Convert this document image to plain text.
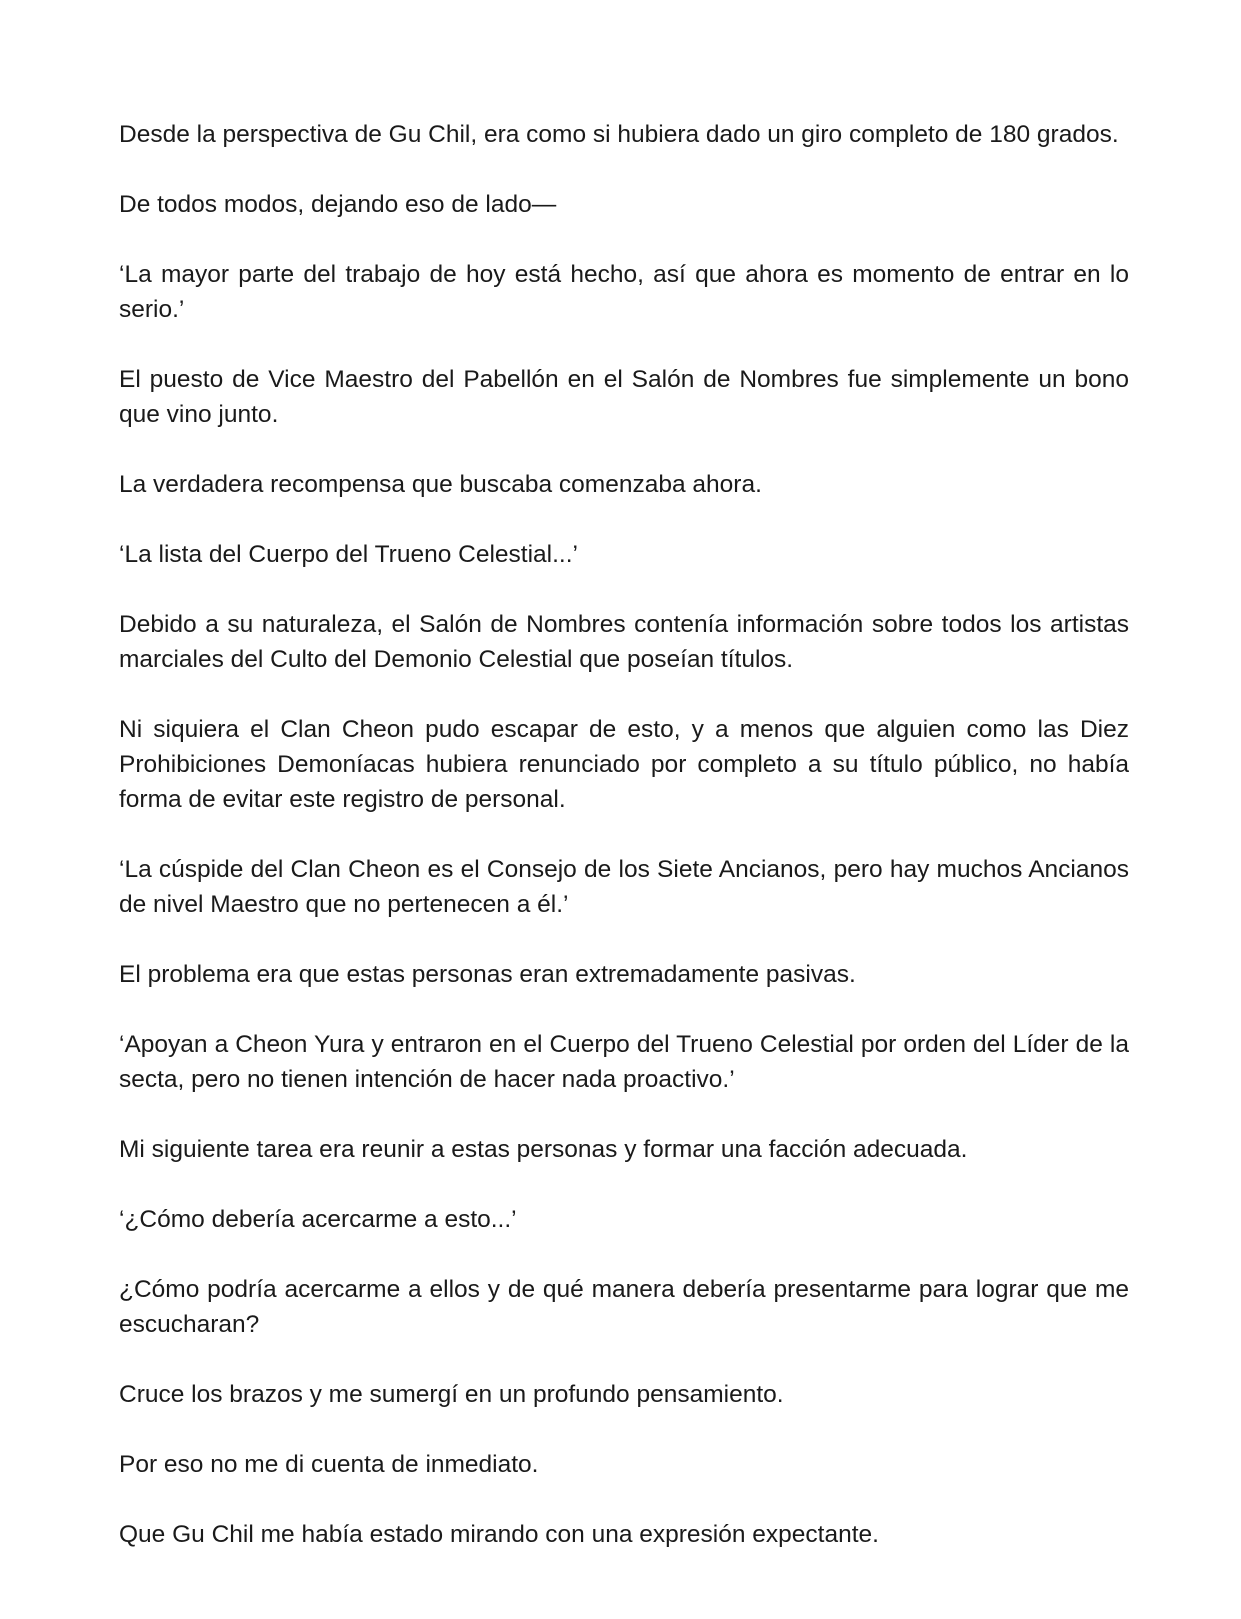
Desde la perspectiva de Gu Chil, era como si hubiera dado un giro completo de 180 grados.

De todos modos, dejando eso de lado—

‘La mayor parte del trabajo de hoy está hecho, así que ahora es momento de entrar en lo serio.’

El puesto de Vice Maestro del Pabellón en el Salón de Nombres fue simplemente un bono que vino junto.

La verdadera recompensa que buscaba comenzaba ahora.

‘La lista del Cuerpo del Trueno Celestial...’

Debido a su naturaleza, el Salón de Nombres contenía información sobre todos los artistas marciales del Culto del Demonio Celestial que poseían títulos.

Ni siquiera el Clan Cheon pudo escapar de esto, y a menos que alguien como las Diez Prohibiciones Demoníacas hubiera renunciado por completo a su título público, no había forma de evitar este registro de personal.

‘La cúspide del Clan Cheon es el Consejo de los Siete Ancianos, pero hay muchos Ancianos de nivel Maestro que no pertenecen a él.’

El problema era que estas personas eran extremadamente pasivas.

‘Apoyan a Cheon Yura y entraron en el Cuerpo del Trueno Celestial por orden del Líder de la secta, pero no tienen intención de hacer nada proactivo.’

Mi siguiente tarea era reunir a estas personas y formar una facción adecuada.

‘¿Cómo debería acercarme a esto...’

¿Cómo podría acercarme a ellos y de qué manera debería presentarme para lograr que me escucharan?

Cruce los brazos y me sumergí en un profundo pensamiento.

Por eso no me di cuenta de inmediato.

Que Gu Chil me había estado mirando con una expresión expectante.
